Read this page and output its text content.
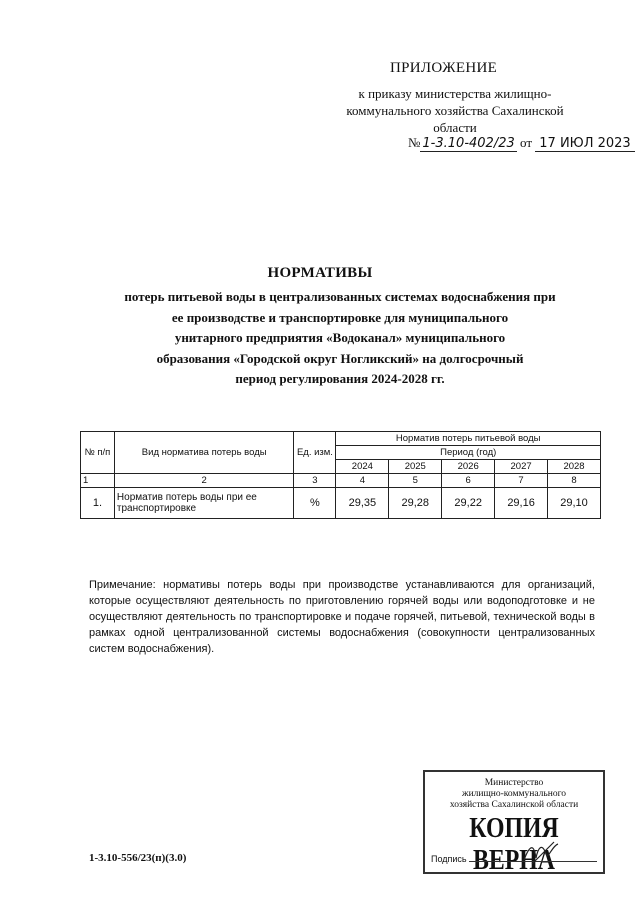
ПРИЛОЖЕНИЕ
к приказу министерства жилищно-
коммунального хозяйства Сахалинской
области
№ 1-3.10-402/23 от 17 ИЮЛ 2023
НОРМАТИВЫ
потерь питьевой воды в централизованных системах водоснабжения при
ее производстве и транспортировке для муниципального
унитарного предприятия «Водоканал» муниципального
образования «Городской округ Ногликский» на долгосрочный
период регулирования 2024-2028 гг.
№ п/п	Вид норматива потерь воды	Ед. изм.	Норматив потерь питьевой воды				
			Период (год)				
			2024	2025	2026	2027	2028
1	2	3	4	5	6	7	8
1.	Норматив потерь воды при ее транспортировке	%	29,35	29,28	29,22	29,16	29,10
Примечание: нормативы потерь воды при производстве устанавливаются для организаций, которые осуществляют деятельность по приготовлению горячей воды или водоподготовке и не осуществляют деятельность по транспортировке и подаче горячей, питьевой, технической воды в рамках одной централизованной системы водоснабжения (совокупности централизованных систем водоснабжения).
Министерство
жилищно-коммунального
хозяйства Сахалинской области
КОПИЯ ВЕРНА
Подпись
1-3.10-556/23(п)(3.0)
